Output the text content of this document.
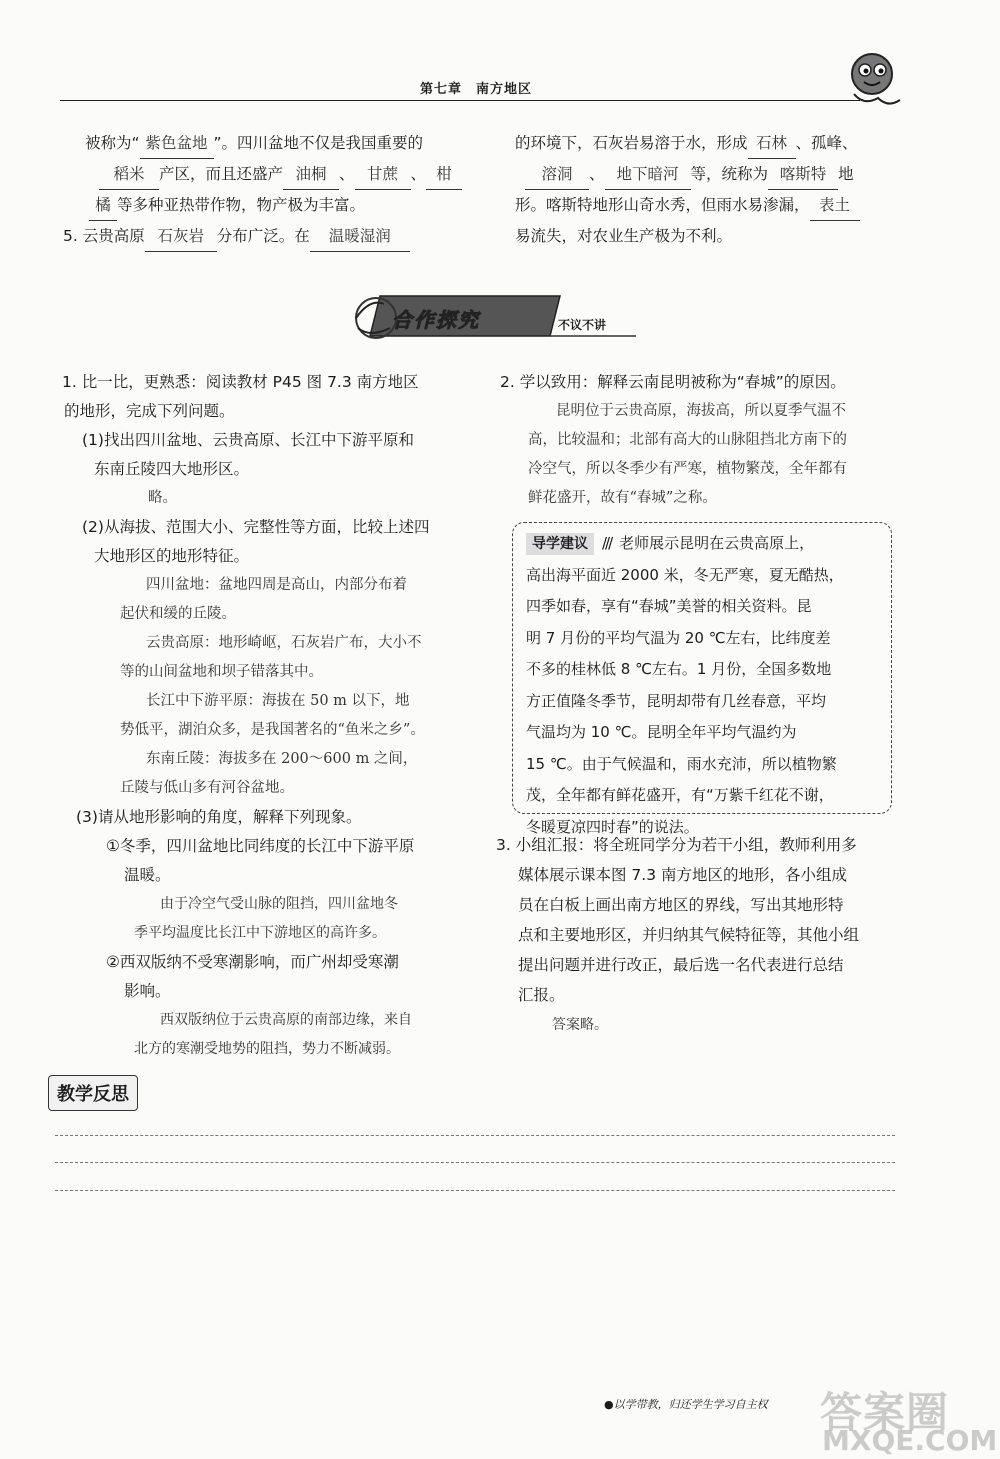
第七章　南方地区

被称为“ 紫色盆地 ”。四川盆地不仅是我国重要的

稻米 产区，而且还盛产 油桐 、 甘蔗 、 柑

橘 等多种亚热带作物，物产极为丰富。

5. 云贵高原 石灰岩 分布广泛。在 温暖湿润

的环境下，石灰岩易溶于水，形成 石林 、孤峰、

溶洞 、 地下暗河 等，统称为 喀斯特 地

形。喀斯特地形山奇水秀，但雨水易渗漏， 表土

易流失，对农业生产极为不利。

合作探究	不议不讲

1. 比一比，更熟悉：阅读教材 P45 图 7.3 南方地区

的地形，完成下列问题。

(1)找出四川盆地、云贵高原、长江中下游平原和

东南丘陵四大地形区。

略。

(2)从海拔、范围大小、完整性等方面，比较上述四

大地形区的地形特征。

四川盆地：盆地四周是高山，内部分布着

起伏和缓的丘陵。

云贵高原：地形崎岖，石灰岩广布，大小不

等的山间盆地和坝子错落其中。

长江中下游平原：海拔在 50 m 以下，地

势低平，湖泊众多，是我国著名的“鱼米之乡”。

东南丘陵：海拔多在 200～600 m 之间，

丘陵与低山多有河谷盆地。

(3)请从地形影响的角度，解释下列现象。

①冬季，四川盆地比同纬度的长江中下游平原

温暖。

由于冷空气受山脉的阻挡，四川盆地冬

季平均温度比长江中下游地区的高许多。

②西双版纳不受寒潮影响，而广州却受寒潮

影响。

西双版纳位于云贵高原的南部边缘，来自

北方的寒潮受地势的阻挡，势力不断减弱。

2. 学以致用：解释云南昆明被称为“春城”的原因。

昆明位于云贵高原，海拔高，所以夏季气温不

高，比较温和；北部有高大的山脉阻挡北方南下的

冷空气，所以冬季少有严寒，植物繁茂，全年都有

鲜花盛开，故有“春城”之称。

导学建议 /// 老师展示昆明在云贵高原上，

高出海平面近 2000 米，冬无严寒，夏无酷热，

四季如春，享有“春城”美誉的相关资料。昆

明 7 月份的平均气温为 20 ℃左右，比纬度差

不多的桂林低 8 ℃左右。1 月份，全国多数地

方正值隆冬季节，昆明却带有几丝春意，平均

气温均为 10 ℃。昆明全年平均气温约为

15 ℃。由于气候温和，雨水充沛，所以植物繁

茂，全年都有鲜花盛开，有“万紫千红花不谢，

冬暖夏凉四时春”的说法。

3. 小组汇报：将全班同学分为若干小组，教师利用多

媒体展示课本图 7.3 南方地区的地形，各小组成

员在白板上画出南方地区的界线，写出其地形特

点和主要地形区，并归纳其气候特征等，其他小组

提出问题并进行改正，最后选一名代表进行总结

汇报。

答案略。

教学反思
●以学带教，归还学生学习自主权 答案圈
MXQE.COM
